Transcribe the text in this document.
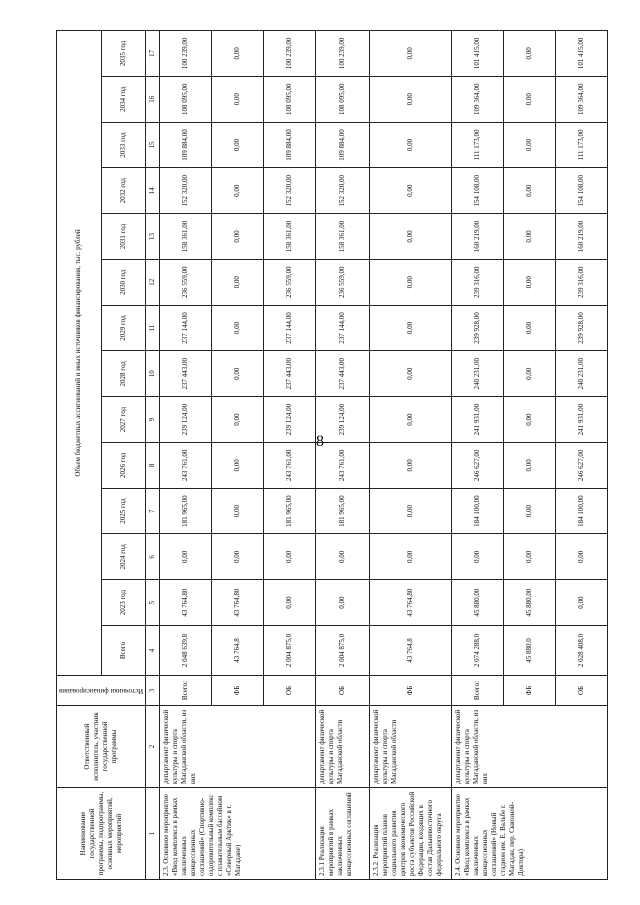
8
Наименование государственной программы, подпрограммы, основных мероприятий, мероприятий	Ответственный исполнитель, участник государственной программы	Источники финансирования	Объем бюджетных ассигнований и иных источников финансирования, тыс. рублей													
			Всего	2023 год	2024 год	2025 год	2026 год	2027 год	2028 год	2029 год	2030 год	2031 год	2032 год	2033 год	2034 год	2035 год
1	2	3	4	5	6	7	8	9	10	11	12	13	14	15	16	17
2.3. Основное мероприятие «Ввод комплекса в рамках заключенных концессионных соглашений» (Спортивно-оздоровительный комплекс с плавательным бассейном «Северный Арктик» в г. Магадане)	департамент физической культуры и спорта Магаданской области, из них	Всего:	2 048 639,8	43 764,80	0,00	181 965,00	243 761,00	239 124,00	237 443,00	237 144,00	236 559,00	158 361,00	152 320,00	109 884,00	108 095,00	100 239,00
		ФБ	43 764,8	43 764,80	0,00	0,00	0,00	0,00	0,00	0,00	0,00	0,00	0,00	0,00	0,00	0,00
		ОБ	2 004 875,0	0,00	0,00	181 965,00	243 761,00	239 124,00	237 443,00	237 144,00	236 559,00	158 361,00	152 320,00	109 884,00	108 095,00	100 239,00
2.3.1 Реализация мероприятий в рамках заключенных концессионных соглашений	департамент физической культуры и спорта Магаданской области	ОБ	2 004 875,0	0,00	0,00	181 965,00	243 761,00	239 124,00	237 443,00	237 144,00	236 559,00	158 361,00	152 320,00	109 884,00	108 095,00	100 239,00
2.3.2. Реализация мероприятий планов социального развития центров экономического роста субъектов Российской Федерации, входящих в состав Дальневосточного федерального округа	департамент физической культуры и спорта Магаданской области	ФБ	43 764,8	43 764,80	0,00	0,00	0,00	0,00	0,00	0,00	0,00	0,00	0,00	0,00	0,00	0,00
2.4. Основное мероприятие «Ввод комплекса в рамках заключенных концессионных соглашений» (Новый стадион им. Е. Вальбе г. Магадан, пер. Сквозной-Доктора)	департамент физической культуры и спорта Магаданской области, из них	Всего:	2 074 288,0	45 880,00	0,00	184 100,00	246 627,00	241 931,00	240 231,00	239 928,00	239 316,00	160 219,00	154 108,00	111 173,00	109 364,00	101 415,00
		ФБ	45 880,0	45 880,00	0,00	0,00	0,00	0,00	0,00	0,00	0,00	0,00	0,00	0,00	0,00	0,00
		ОБ	2 028 408,0	0,00	0,00	184 100,00	246 627,00	241 931,00	240 231,00	239 928,00	239 316,00	160 219,00	154 108,00	111 173,00	109 364,00	101 415,00
